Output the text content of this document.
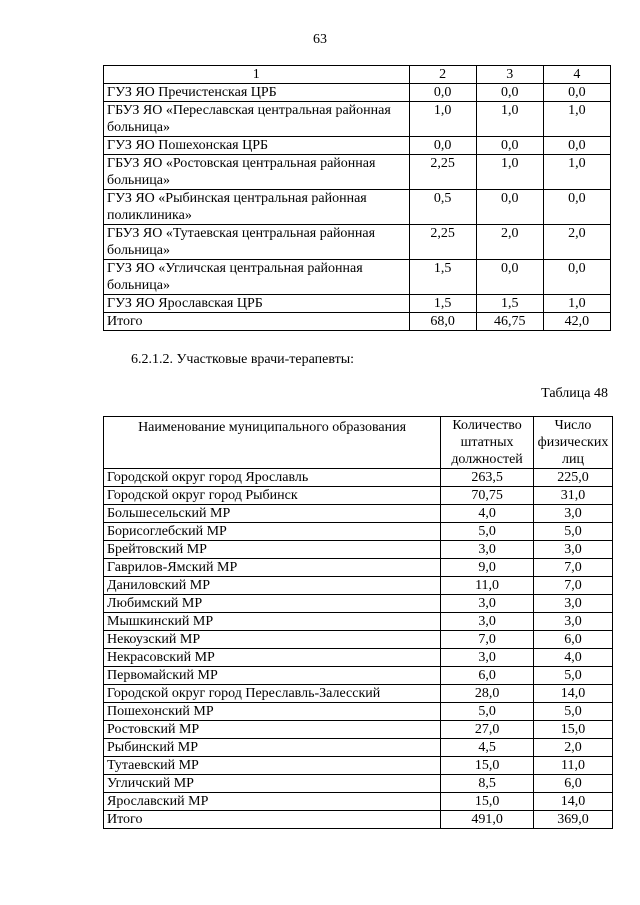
63
1	2	3	4
ГУЗ ЯО Пречистенская ЦРБ	0,0	0,0	0,0
ГБУЗ ЯО «Переславская центральная районная больница»	1,0	1,0	1,0
ГУЗ ЯО Пошехонская ЦРБ	0,0	0,0	0,0
ГБУЗ ЯО «Ростовская центральная районная больница»	2,25	1,0	1,0
ГУЗ ЯО «Рыбинская центральная районная поликлиника»	0,5	0,0	0,0
ГБУЗ ЯО «Тутаевская центральная районная больница»	2,25	2,0	2,0
ГУЗ ЯО «Угличская центральная районная больница»	1,5	0,0	0,0
ГУЗ ЯО Ярославская ЦРБ	1,5	1,5	1,0
Итого	68,0	46,75	42,0
6.2.1.2. Участковые врачи-терапевты:
Таблица 48
Наименование муниципального образования	Количество штатных должностей	Число физических лиц
Городской округ город Ярославль	263,5	225,0
Городской округ город Рыбинск	70,75	31,0
Большесельский МР	4,0	3,0
Борисоглебский МР	5,0	5,0
Брейтовский МР	3,0	3,0
Гаврилов-Ямский МР	9,0	7,0
Даниловский МР	11,0	7,0
Любимский МР	3,0	3,0
Мышкинский МР	3,0	3,0
Некоузский МР	7,0	6,0
Некрасовский МР	3,0	4,0
Первомайский МР	6,0	5,0
Городской округ город Переславль-Залесский	28,0	14,0
Пошехонский МР	5,0	5,0
Ростовский МР	27,0	15,0
Рыбинский МР	4,5	2,0
Тутаевский МР	15,0	11,0
Угличский МР	8,5	6,0
Ярославский МР	15,0	14,0
Итого	491,0	369,0
